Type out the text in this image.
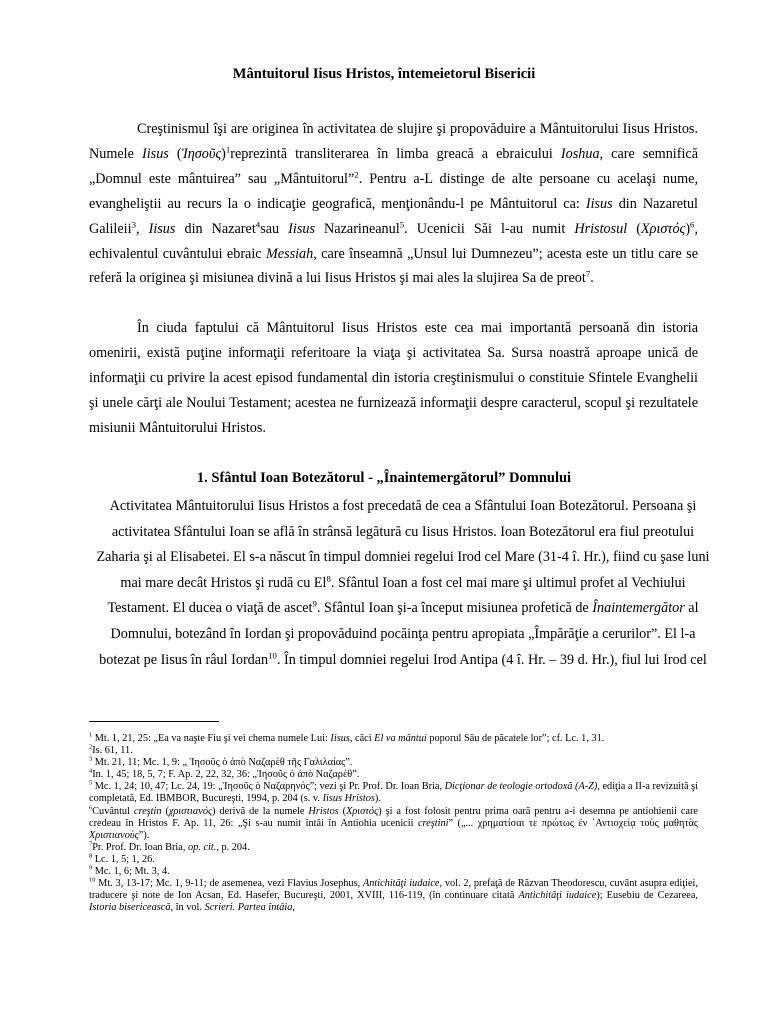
Mântuitorul Iisus Hristos, întemeietorul Bisericii

Creştinismul îşi are originea în activitatea de slujire şi propovăduire a Mântuitorului Iisus Hristos. Numele Iisus (Ἰησοῦς)$^1$reprezintă transliterarea în limba greacă a ebraicului Ioshua, care semnifică „Domnul este mântuirea” sau „Mântuitorul”$^2$. Pentru a-L distinge de alte persoane cu acelaşi nume, evangheliştii au recurs la o indicaţie geografică, menţionându-l pe Mântuitorul ca: Iisus din Nazaretul Galileii$^3$, Iisus din Nazaret$^4$sau Iisus Nazarineanul$^5$. Ucenicii Săi l-au numit Hristosul $(X\rho\iota\sigma\tau ό\varsigma)^6$, echivalentul cuvântului ebraic Messiah, care înseamnă „Unsul lui Dumnezeu”; acesta este un titlu care se referă la originea şi misiunea divină a lui Iisus Hristos şi mai ales la slujirea Sa de preot$^7$.

În ciuda faptului că Mântuitorul Iisus Hristos este cea mai importantă persoană din istoria omenirii, există puţine informaţii referitoare la viaţa şi activitatea Sa. Sursa noastră aproape unică de informaţii cu privire la acest episod fundamental din istoria creştinismului o constituie Sfintele Evanghelii şi unele cărţi ale Noului Testament; acestea ne furnizează informaţii despre caracterul, scopul şi rezultatele misiunii Mântuitorului Hristos.

1. Sfântul Ioan Botezătorul - „Înaintemergătorul” Domnului

Activitatea Mântuitorului Iisus Hristos a fost precedată de cea a Sfântului Ioan Botezătorul. Persoana şi activitatea Sfântului Ioan se află în strânsă legătură cu Iisus Hristos. Ioan Botezătorul era fiul preotului Zaharia şi al Elisabetei. El s-a născut în timpul domniei regelui Irod cel Mare (31-4 î. Hr.), fiind cu şase luni mai mare decât Hristos şi rudă cu El$^8$. Sfântul Ioan a fost cel mai mare şi ultimul profet al Vechiului Testament. El ducea o viaţă de ascet$^9$. Sfântul Ioan şi-a început misiunea profetică de Înaintemergător al Domnului, botezând în Iordan şi propovăduind pocăinţa pentru apropiata „Împărăţie a cerurilor”. El l-a botezat pe Iisus în râul Iordan$^{10}$. În timpul domniei regelui Irod Antipa (4 î. Hr. – 39 d. Hr.), fiul lui Irod cel

$^1$ Mt. 1, 21, 25: „Ea va naşte Fiu şi vei chema numele Lui: Iisus, căci El va mântui poporul Său de păcatele lor”; cf. Lc. 1, 31.

$^2$Is. 61, 11.

$^3$ Mt. 21, 11; Mc. 1, 9: „ Ἰησοῦς ὁ ἀπὸ Ναζαρὲθ τῆς Γαλιλαίας”.

$^4$In. 1, 45; 18, 5, 7; F. Ap. 2, 22, 32, 36: „Ἰησοῦς ὁ ἀπὸ Ναζαρέθ”.

$^5$ Mc. 1, 24; 10, 47; Lc. 24, 19: „Ἰησοῦς ὁ Ναζαρηνός”; vezi şi Pr. Prof. Dr. Ioan Bria, Dicţionar de teologie ortodoxă (A-Z), ediţia a II-a revizuită şi completată, Ed. IBMBOR, Bucureşti, 1994, p. 204 (s. v. Iisus Hristos).

$^6$Cuvântul creştin (χριστιανός) derivă de la numele Hristos (Χριστός) şi a fost folosit pentru prima oară pentru a-i desemna pe antiohienii care credeau în Hristos F. Ap. 11, 26: „Şi s-au numit întâi în Antiohia ucenicii creştini” („... χρηματίσαι τε πρώτως ἐν ᾽Αντιοχείᾳ τοὺς μαθητὰς Χριστιανούς”).

$^7$Pr. Prof. Dr. Ioan Bria, op. cit., p. 204.

$^8$ Lc. 1, 5; 1, 26.

$^9$ Mc. 1, 6; Mt. 3, 4.

$^{10}$ Mt. 3, 13-17; Mc. 1, 9-11; de asemenea, vezi Flavius Josephus, Antichităţi iudaice, vol. 2, prefaţă de Răzvan Theodorescu, cuvânt asupra ediţiei, traducere şi note de Ion Acsan, Ed. Hasefer, Bucureşti, 2001, XVIII, 116-119, (în continuare citată Antichităţi iudaice); Eusebiu de Cezareea, Istoria bisericească, în vol. Scrieri. Partea întâia,
